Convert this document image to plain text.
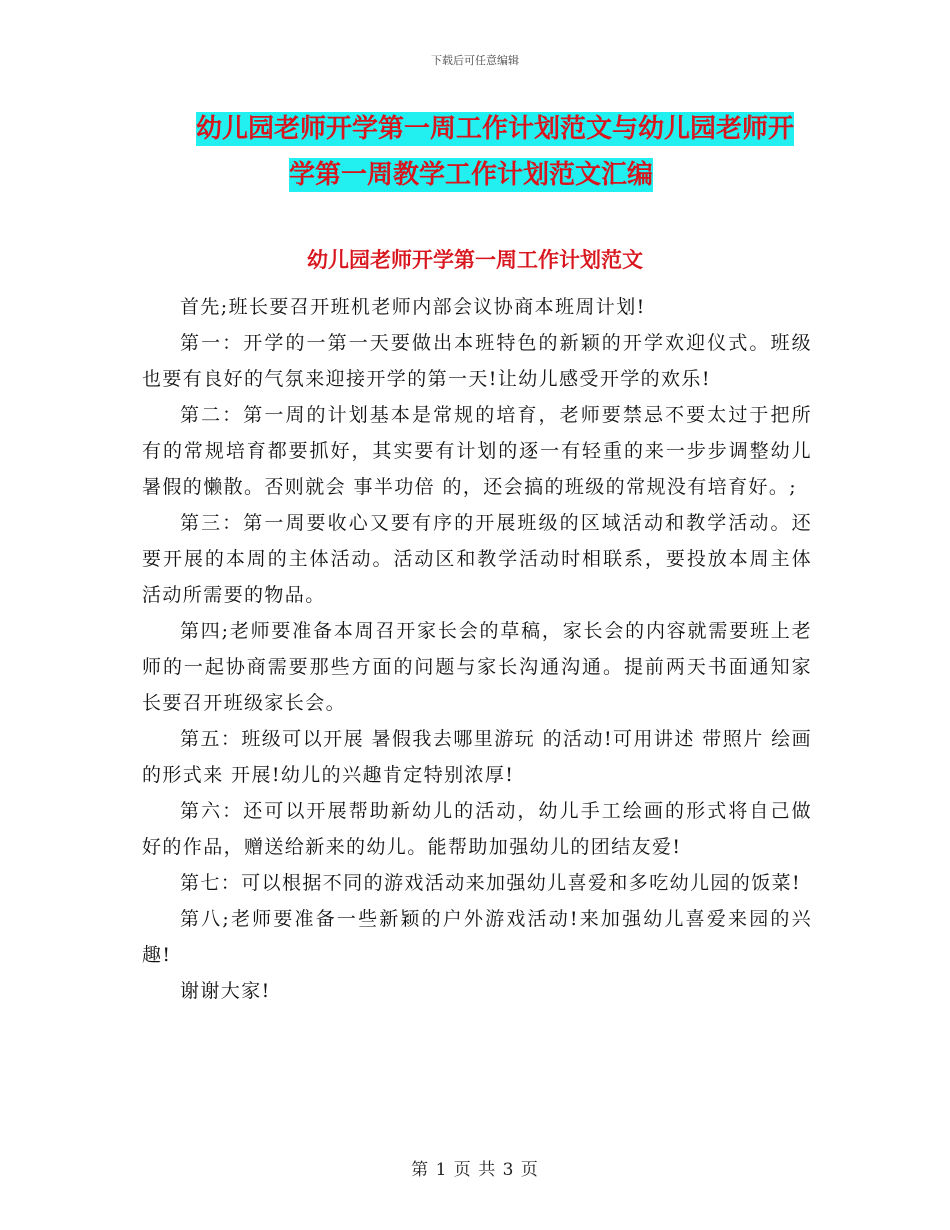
下载后可任意编辑
幼儿园老师开学第一周工作计划范文与幼儿园老师开
学第一周教学工作计划范文汇编
幼儿园老师开学第一周工作计划范文

首先;班长要召开班机老师内部会议协商本班周计划!

第一：开学的一第一天要做出本班特色的新颖的开学欢迎仪式。班级也要有良好的气氛来迎接开学的第一天!让幼儿感受开学的欢乐!

第二：第一周的计划基本是常规的培育，老师要禁忌不要太过于把所有的常规培育都要抓好，其实要有计划的逐一有轻重的来一步步调整幼儿暑假的懒散。否则就会 事半功倍 的，还会搞的班级的常规没有培育好。;

第三：第一周要收心又要有序的开展班级的区域活动和教学活动。还要开展的本周的主体活动。活动区和教学活动时相联系，要投放本周主体活动所需要的物品。

第四;老师要准备本周召开家长会的草稿，家长会的内容就需要班上老师的一起协商需要那些方面的问题与家长沟通沟通。提前两天书面通知家长要召开班级家长会。

第五：班级可以开展 暑假我去哪里游玩 的活动!可用讲述 带照片 绘画的形式来 开展!幼儿的兴趣肯定特别浓厚!

第六：还可以开展帮助新幼儿的活动，幼儿手工绘画的形式将自己做好的作品，赠送给新来的幼儿。能帮助加强幼儿的团结友爱!

第七：可以根据不同的游戏活动来加强幼儿喜爱和多吃幼儿园的饭菜!

第八;老师要准备一些新颖的户外游戏活动!来加强幼儿喜爱来园的兴趣!

谢谢大家!

第 1 页 共 3 页
